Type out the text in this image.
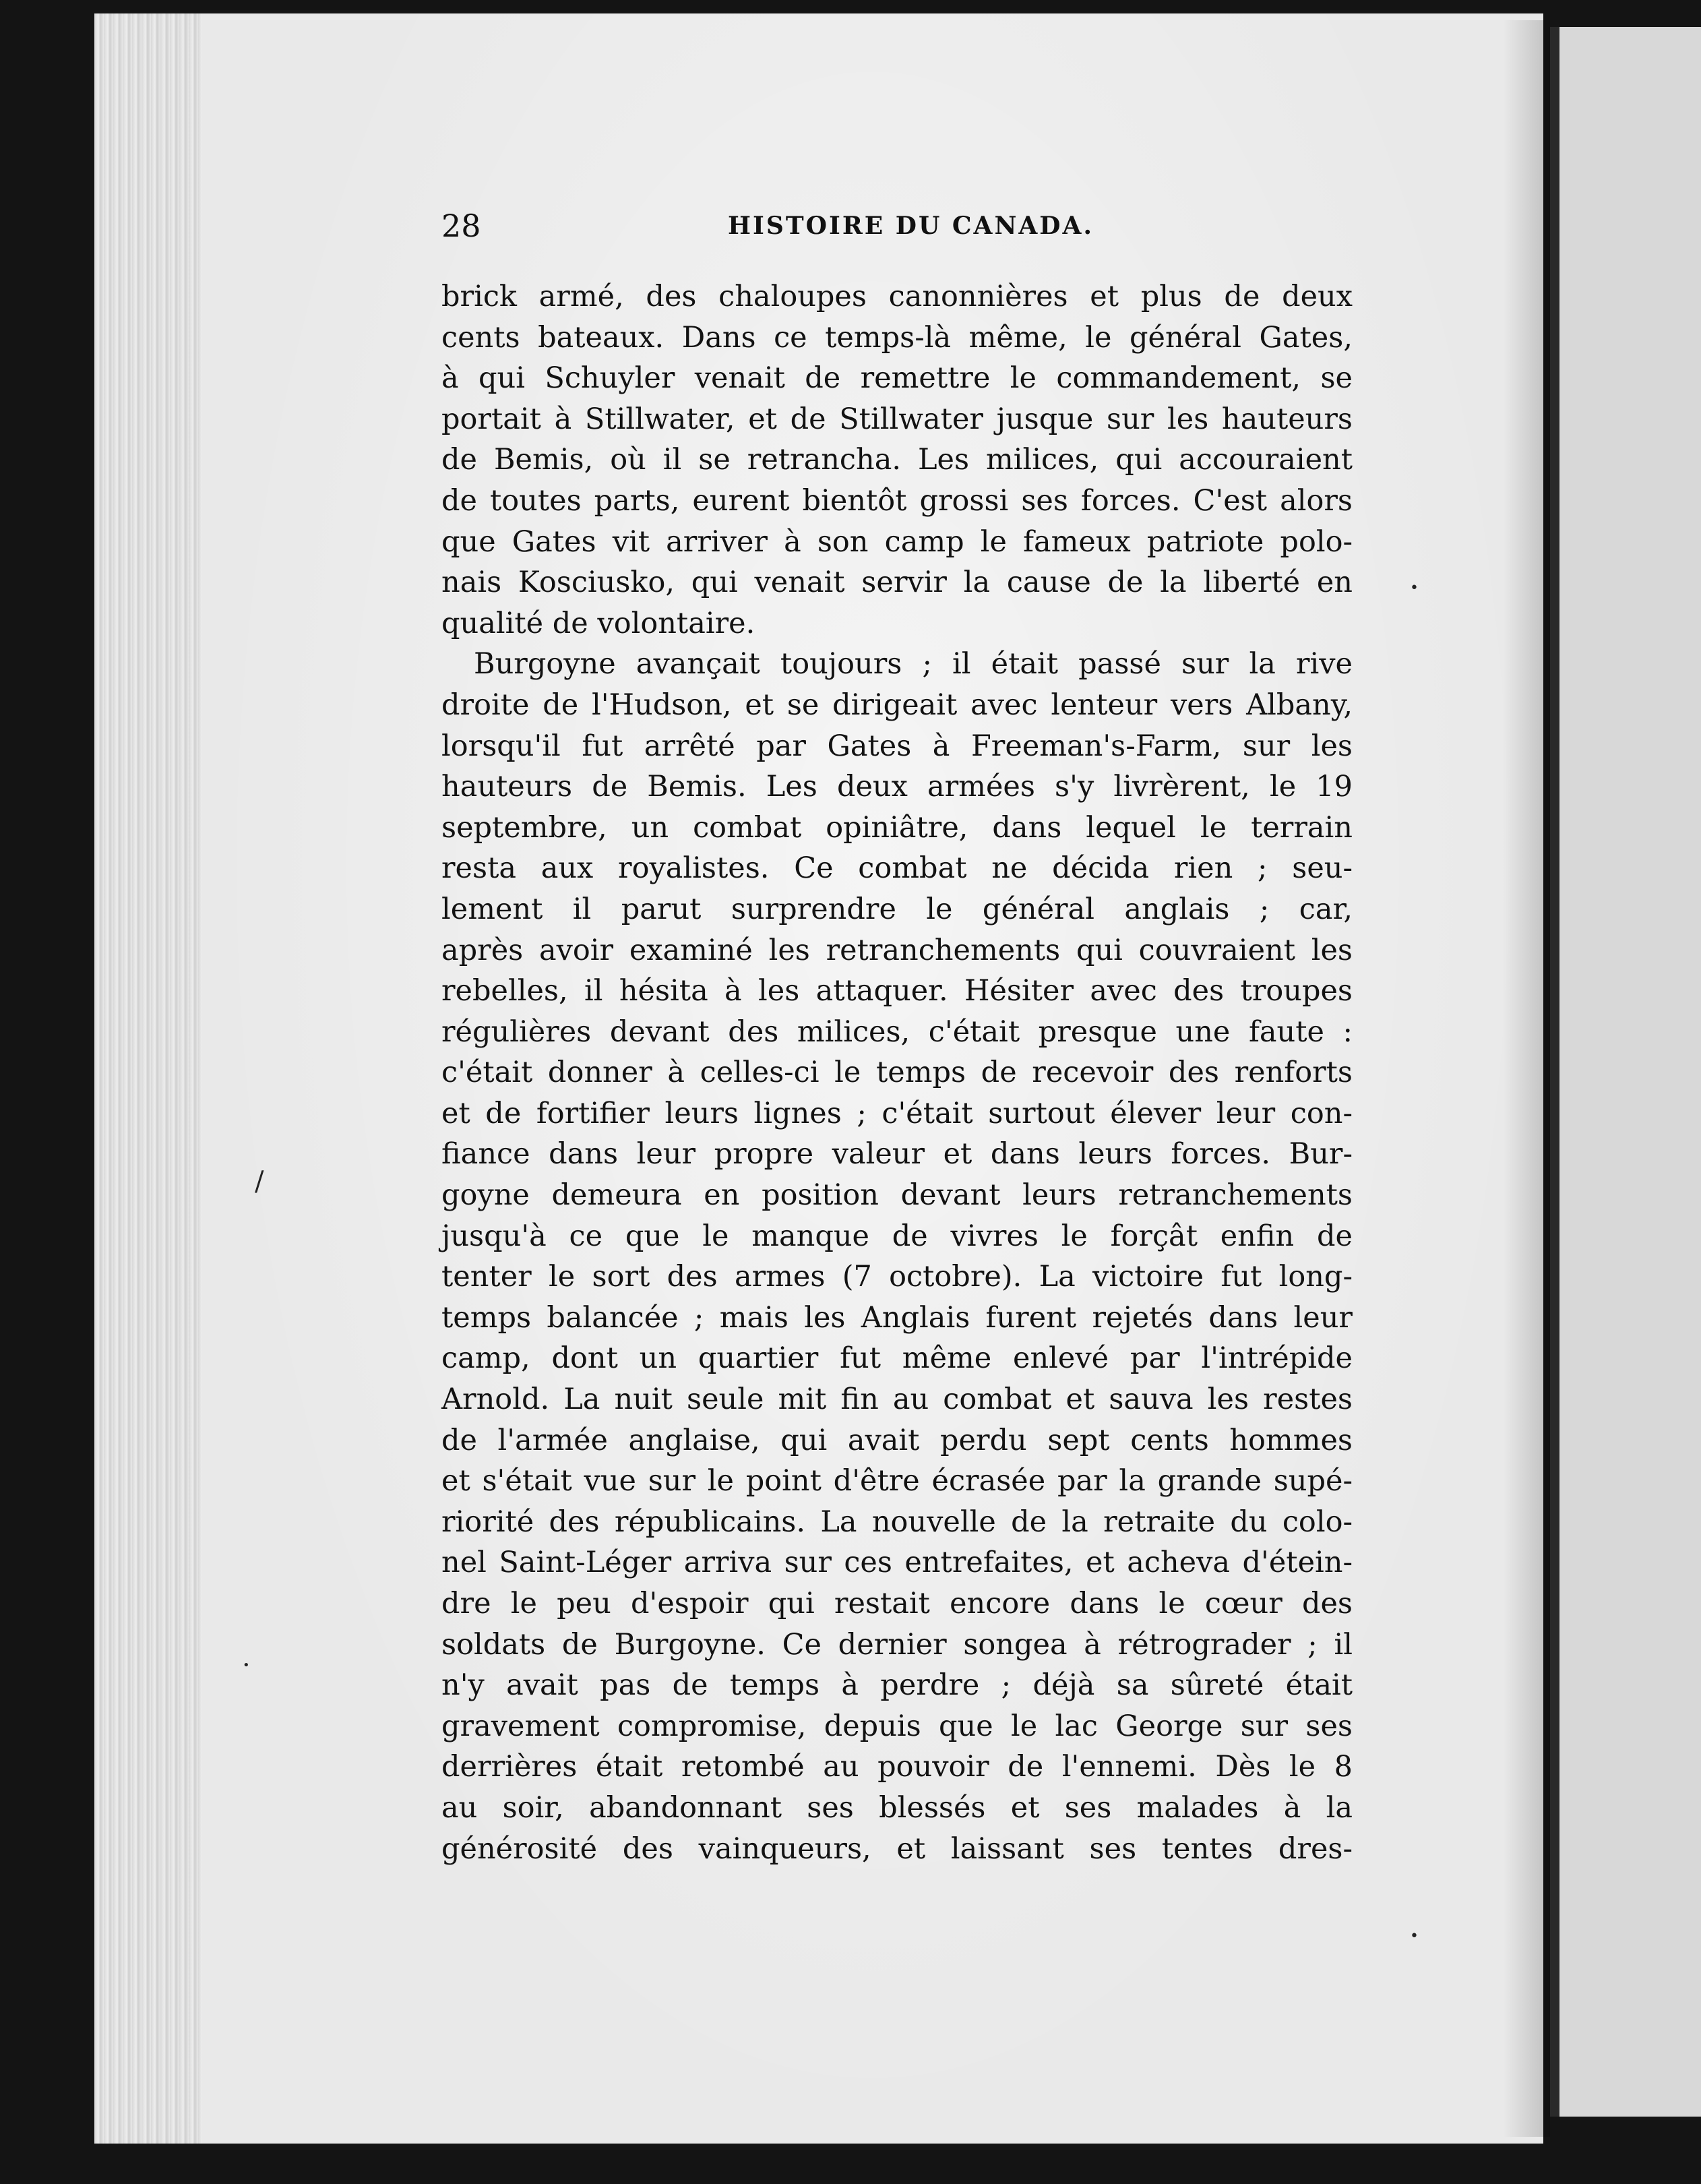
28	HISTOIRE DU CANADA.
brick armé, des chaloupes canonnières et plus de deux
cents bateaux. Dans ce temps-là même, le général Gates,
à qui Schuyler venait de remettre le commandement, se
portait à Stillwater, et de Stillwater jusque sur les hauteurs
de Bemis, où il se retrancha. Les milices, qui accouraient
de toutes parts, eurent bientôt grossi ses forces. C'est alors
que Gates vit arriver à son camp le fameux patriote polo-
nais Kosciusko, qui venait servir la cause de la liberté en
qualité de volontaire.
Burgoyne avançait toujours ; il était passé sur la rive
droite de l'Hudson, et se dirigeait avec lenteur vers Albany,
lorsqu'il fut arrêté par Gates à Freeman's-Farm, sur les
hauteurs de Bemis. Les deux armées s'y livrèrent, le 19
septembre, un combat opiniâtre, dans lequel le terrain
resta aux royalistes. Ce combat ne décida rien ; seu-
lement il parut surprendre le général anglais ; car,
après avoir examiné les retranchements qui couvraient les
rebelles, il hésita à les attaquer. Hésiter avec des troupes
régulières devant des milices, c'était presque une faute :
c'était donner à celles-ci le temps de recevoir des renforts
et de fortifier leurs lignes ; c'était surtout élever leur con-
fiance dans leur propre valeur et dans leurs forces. Bur-
goyne demeura en position devant leurs retranchements
jusqu'à ce que le manque de vivres le forçât enfin de
tenter le sort des armes (7 octobre). La victoire fut long-
temps balancée ; mais les Anglais furent rejetés dans leur
camp, dont un quartier fut même enlevé par l'intrépide
Arnold. La nuit seule mit fin au combat et sauva les restes
de l'armée anglaise, qui avait perdu sept cents hommes
et s'était vue sur le point d'être écrasée par la grande supé-
riorité des républicains. La nouvelle de la retraite du colo-
nel Saint-Léger arriva sur ces entrefaites, et acheva d'étein-
dre le peu d'espoir qui restait encore dans le cœur des
soldats de Burgoyne. Ce dernier songea à rétrograder ; il
n'y avait pas de temps à perdre ; déjà sa sûreté était
gravement compromise, depuis que le lac George sur ses
derrières était retombé au pouvoir de l'ennemi. Dès le 8
au soir, abandonnant ses blessés et ses malades à la
générosité des vainqueurs, et laissant ses tentes dres-
/
•
•
•
